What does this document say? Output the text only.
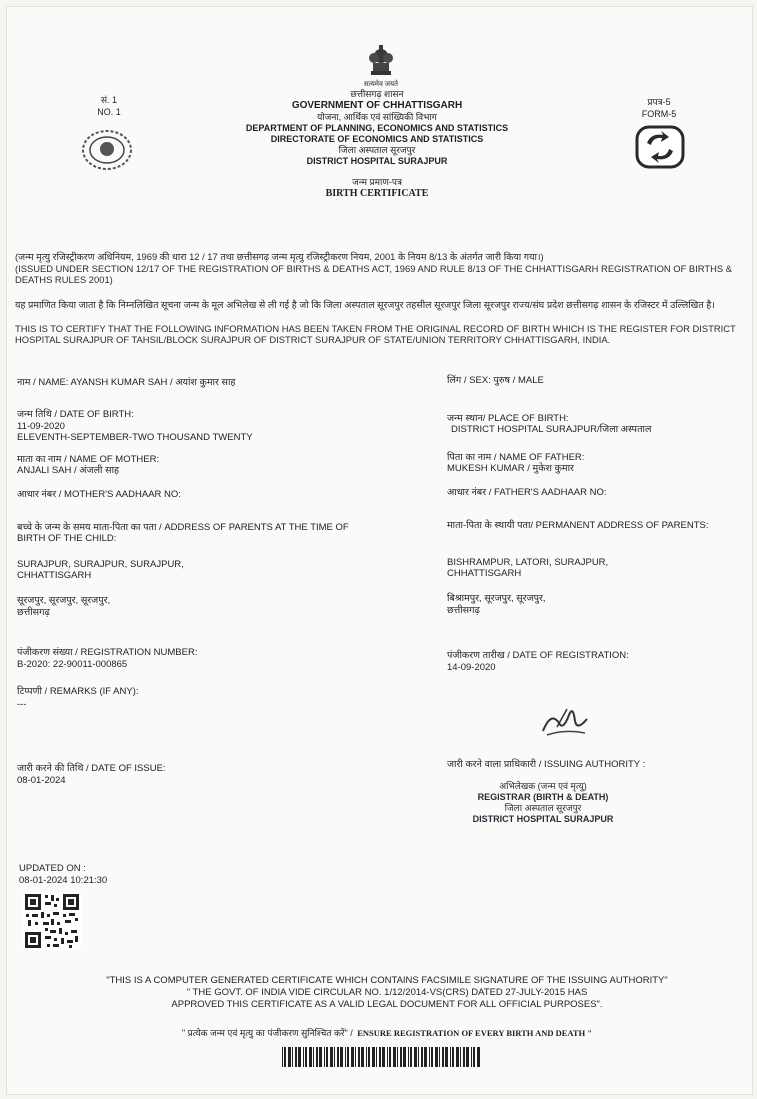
सत्यमेव जयते
सं. 1
NO. 1
प्रपत्र-5
FORM-5
छत्तीसगढ़ शासन
GOVERNMENT OF CHHATTISGARH
योजना, आर्थिक एवं सांख्यिकी विभाग
DEPARTMENT OF PLANNING, ECONOMICS AND STATISTICS
DIRECTORATE OF ECONOMICS AND STATISTICS
जिला अस्पताल सूरजपुर
DISTRICT HOSPITAL SURAJPUR
जन्म प्रमाण-पत्र
BIRTH CERTIFICATE
(जन्म मृत्यु रजिस्ट्रीकरण अधिनियम, 1969 की धारा 12 / 17 तथा छत्तीसगढ़ जन्म मृत्यु रजिस्ट्रीकरण नियम, 2001 के नियम 8/13 के अंतर्गत जारी किया गया।)
(ISSUED UNDER SECTION 12/17 OF THE REGISTRATION OF BIRTHS & DEATHS ACT, 1969 AND RULE 8/13 OF THE CHHATTISGARH REGISTRATION OF BIRTHS & DEATHS RULES 2001)
यह प्रमाणित किया जाता है कि निम्नलिखित सूचना जन्म के मूल अभिलेख से ली गई है जो कि जिला अस्पताल सूरजपुर तहसील सूरजपुर जिला सूरजपुर राज्य/संघ प्रदेश छत्तीसगढ़ शासन के रजिस्टर में उल्लिखित है।
THIS IS TO CERTIFY THAT THE FOLLOWING INFORMATION HAS BEEN TAKEN FROM THE ORIGINAL RECORD OF BIRTH WHICH IS THE REGISTER FOR DISTRICT HOSPITAL SURAJPUR OF TAHSIL/BLOCK SURAJPUR OF DISTRICT SURAJPUR OF STATE/UNION TERRITORY CHHATTISGARH, INDIA.
नाम / NAME: AYANSH KUMAR SAH / अयांश कुमार साह	लिंग / SEX: पुरुष / MALE
जन्म तिथि / DATE OF BIRTH:
11-09-2020
ELEVENTH-SEPTEMBER-TWO THOUSAND TWENTY
जन्म स्थान/ PLACE OF BIRTH:
DISTRICT HOSPITAL SURAJPUR/जिला अस्पताल
माता का नाम / NAME OF MOTHER:
ANJALI SAH / अंजली साह
पिता का नाम / NAME OF FATHER:
MUKESH KUMAR / मुकेश कुमार
आधार नंबर / MOTHER'S AADHAAR NO:	आधार नंबर / FATHER'S AADHAAR NO:
बच्चे के जन्म के समय माता-पिता का पता / ADDRESS OF PARENTS AT THE TIME OF
BIRTH OF THE CHILD:
माता-पिता के स्थायी पता/ PERMANENT ADDRESS OF PARENTS:
SURAJPUR, SURAJPUR, SURAJPUR,
CHHATTISGARH
सूरजपुर, सूरजपुर, सूरजपुर,
छत्तीसगढ़
BISHRAMPUR, LATORI, SURAJPUR,
CHHATTISGARH
बिश्रामपुर, सूरजपुर, सूरजपुर,
छत्तीसगढ़
पंजीकरण संख्या / REGISTRATION NUMBER:
B-2020: 22-90011-000865
पंजीकरण तारीख / DATE OF REGISTRATION:
14-09-2020
टिप्पणी / REMARKS (IF ANY):
---
जारी करने की तिथि / DATE OF ISSUE:
08-01-2024
जारी करने वाला प्राधिकारी / ISSUING AUTHORITY :
अभिलेखक (जन्म एवं मृत्यु)
REGISTRAR (BIRTH & DEATH)
जिला अस्पताल सूरजपुर
DISTRICT HOSPITAL SURAJPUR
UPDATED ON :
08-01-2024 10:21:30
"THIS IS A COMPUTER GENERATED CERTIFICATE WHICH CONTAINS FACSIMILE SIGNATURE OF THE ISSUING AUTHORITY"
" THE GOVT. OF INDIA VIDE CIRCULAR NO. 1/12/2014-VS(CRS) DATED 27-JULY-2015 HAS
APPROVED THIS CERTIFICATE AS A VALID LEGAL DOCUMENT FOR ALL OFFICIAL PURPOSES".
" प्रत्येक जन्म एवं मृत्यु का पंजीकरण सुनिश्चित करें" / ENSURE REGISTRATION OF EVERY BIRTH AND DEATH "
